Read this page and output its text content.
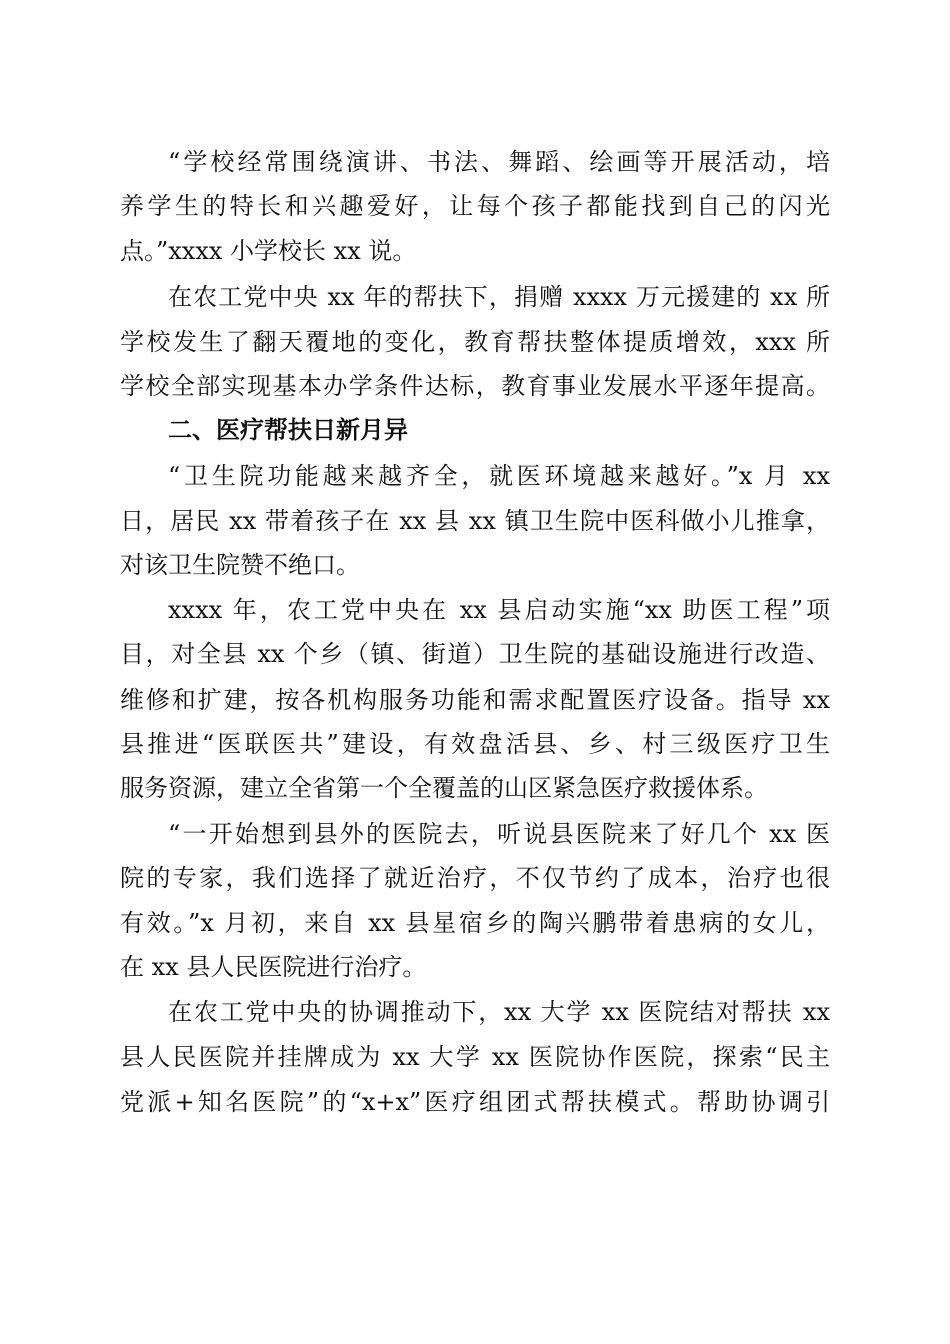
“学校经常围绕演讲、书法、舞蹈、绘画等开展活动，培
养学生的特长和兴趣爱好，让每个孩子都能找到自己的闪光
点。”xxxx 小学校长 xx 说。
在农工党中央 xx 年的帮扶下，捐赠 xxxx 万元援建的 xx 所
学校发生了翻天覆地的变化，教育帮扶整体提质增效，xxx 所
学校全部实现基本办学条件达标，教育事业发展水平逐年提高。
二、医疗帮扶日新月异
“卫生院功能越来越齐全，就医环境越来越好。”x 月 xx
日，居民 xx 带着孩子在 xx 县 xx 镇卫生院中医科做小儿推拿，
对该卫生院赞不绝口。
xxxx 年，农工党中央在 xx 县启动实施“xx 助医工程”项
目，对全县 xx 个乡（镇、街道）卫生院的基础设施进行改造、
维修和扩建，按各机构服务功能和需求配置医疗设备。指导 xx
县推进“医联医共”建设，有效盘活县、乡、村三级医疗卫生
服务资源，建立全省第一个全覆盖的山区紧急医疗救援体系。
“一开始想到县外的医院去，听说县医院来了好几个 xx 医
院的专家，我们选择了就近治疗，不仅节约了成本，治疗也很
有效。”x 月初，来自 xx 县星宿乡的陶兴鹏带着患病的女儿，
在 xx 县人民医院进行治疗。
在农工党中央的协调推动下，xx 大学 xx 医院结对帮扶 xx
县人民医院并挂牌成为 xx 大学 xx 医院协作医院，探索“民主
党派+知名医院”的“x+x”医疗组团式帮扶模式。帮助协调引
